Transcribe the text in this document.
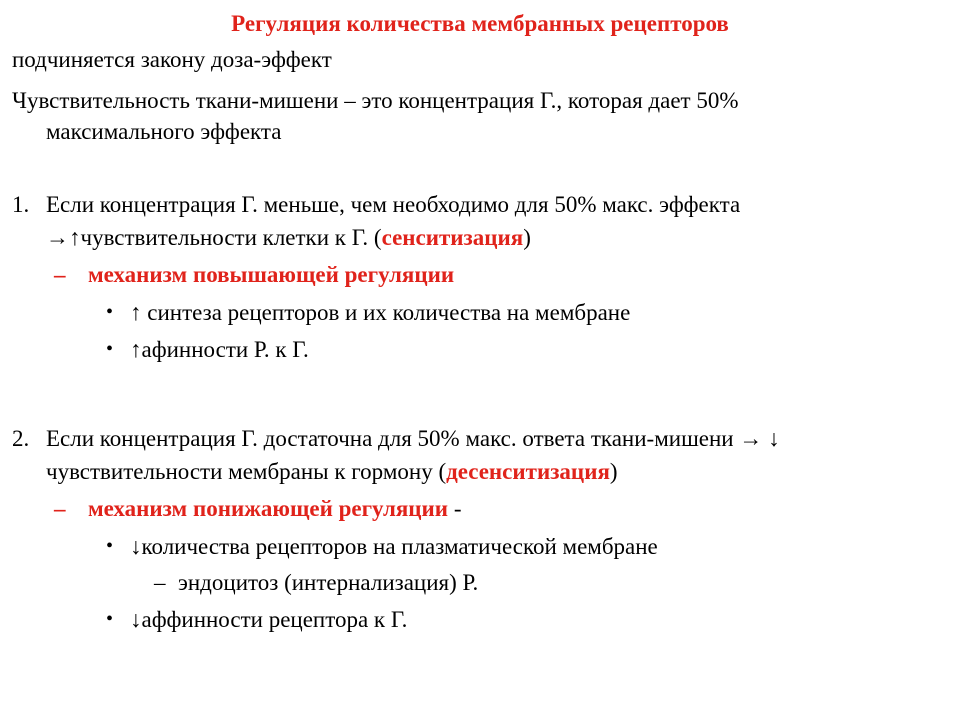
Регуляция количества мембранных рецепторов
подчиняется закону доза-эффект
Чувствительность ткани-мишени – это концентрация Г., которая дает 50%
максимального эффекта
1. Если концентрация Г. меньше, чем необходимо для 50% макс. эффекта
→↑чувствительности клетки к Г. (сенситизация)
– механизм повышающей регуляции
• ↑ синтеза рецепторов и их количества на мембране
• ↑афинности Р. к Г.
2. Если концентрация Г. достаточна для 50% макс. ответа ткани-мишени → ↓
чувствительности мембраны к гормону (десенситизация)
– механизм понижающей регуляции -
• ↓количества рецепторов на плазматической мембране
– эндоцитоз (интернализация) Р.
• ↓аффинности рецептора к Г.
